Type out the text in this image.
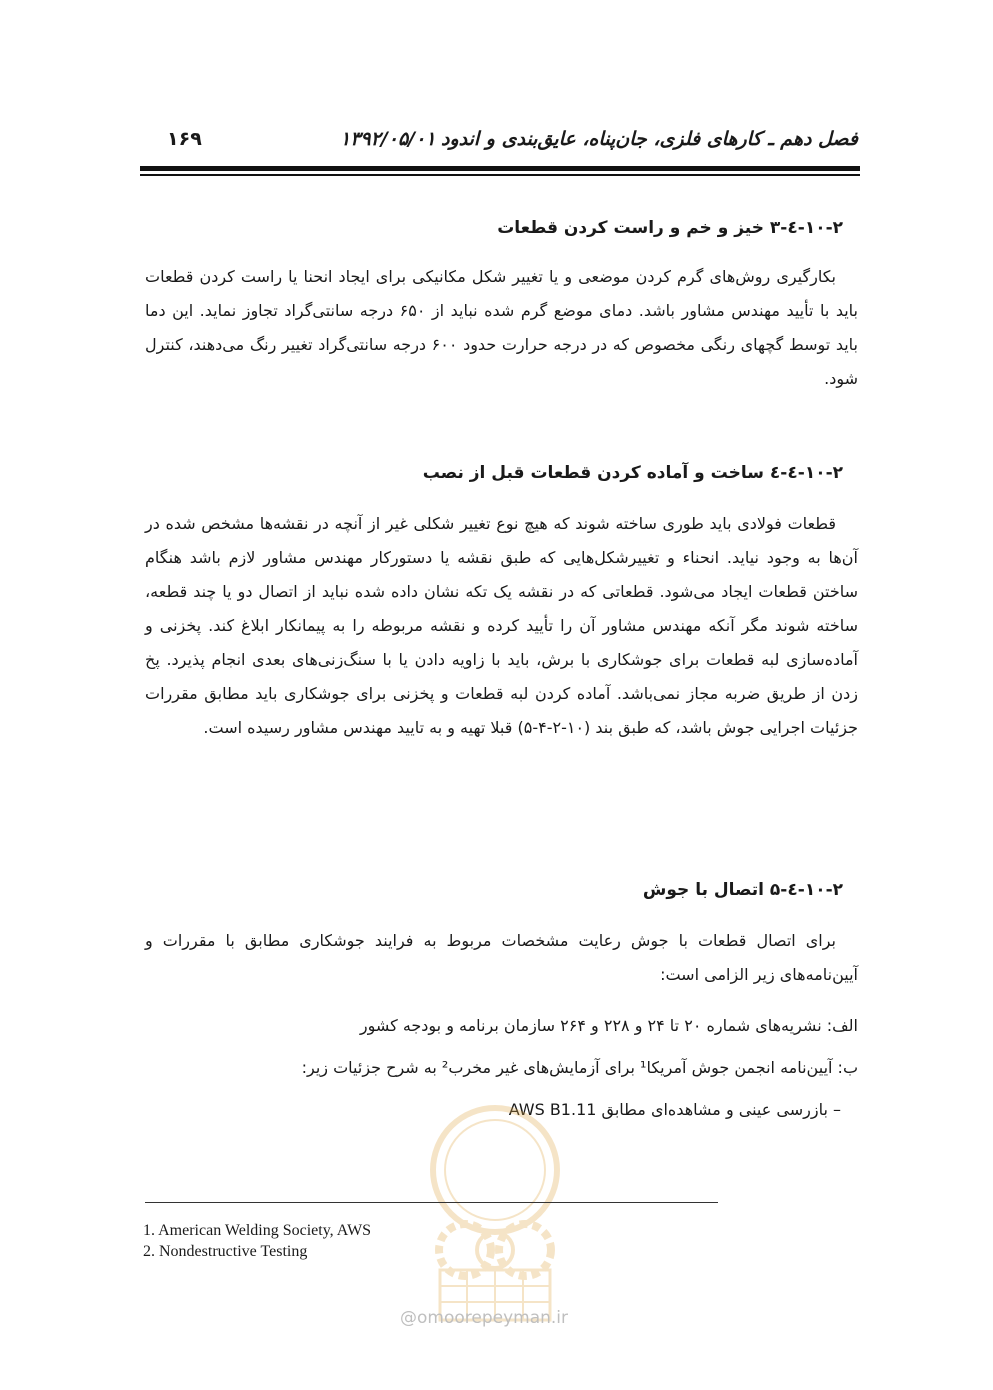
فصل دهم ـ کارهای فلزی، جان‌پناه، عایق‌بندی و اندود
۱۳۹۲/۰۵/۰۱
۱۶۹
۱۰-۲-٤-۳ خیز و خم و راست کردن قطعات
بکارگیری روش‌های گرم کردن موضعی و یا تغییر شکل مکانیکی برای ایجاد انحنا یا راست کردن قطعات باید با تأیید مهندس مشاور باشد. دمای موضع گرم شده نباید از ۶۵۰ درجه سانتی‌گراد تجاوز نماید. این دما باید توسط گچهای رنگی مخصوص که در درجه حرارت حدود ۶۰۰ درجه سانتی‌گراد تغییر رنگ می‌دهند، کنترل شود.
۱۰-۲-٤-٤ ساخت و آماده کردن قطعات قبل از نصب
قطعات فولادی باید طوری ساخته شوند که هیچ نوع تغییر شکلی غیر از آنچه در نقشه‌ها مشخص شده در آن‌ها به وجود نیاید. انحناء و تغییرشکل‌هایی که طبق نقشه یا دستورکار مهندس مشاور لازم باشد هنگام ساختن قطعات ایجاد می‌شود. قطعاتی که در نقشه یک تکه نشان داده شده نباید از اتصال دو یا چند قطعه، ساخته شوند مگر آنکه مهندس مشاور آن را تأیید کرده و نقشه مربوطه را به پیمانکار ابلاغ کند. پخزنی و آماده‌سازی لبه قطعات برای جوشکاری با برش، باید با زاویه دادن یا با سنگ‌زنی‌های بعدی انجام پذیرد. پخ زدن از طریق ضربه مجاز نمی‌باشد. آماده کردن لبه قطعات و پخزنی برای جوشکاری باید مطابق مقررات جزئیات اجرایی جوش باشد، که طبق بند (۱۰-۲-۴-۵) قبلا تهیه و به تایید مهندس مشاور رسیده است.
۱۰-۲-٤-۵ اتصال با جوش
برای اتصال قطعات با جوش رعایت مشخصات مربوط به فرایند جوشکاری مطابق با مقررات و آیین‌نامه‌های زیر الزامی است:
الف: نشریه‌های شماره ۲۰ تا ۲۴ و ۲۲۸ و ۲۶۴ سازمان برنامه و بودجه کشور
ب: آیین‌نامه انجمن جوش آمریکا¹ برای آزمایش‌های غیر مخرب² به شرح جزئیات زیر:
– بازرسی عینی و مشاهده‌ای مطابق AWS B1.11
@omoorepeyman.ir
1. American Welding Society, AWS
2. Nondestructive Testing
